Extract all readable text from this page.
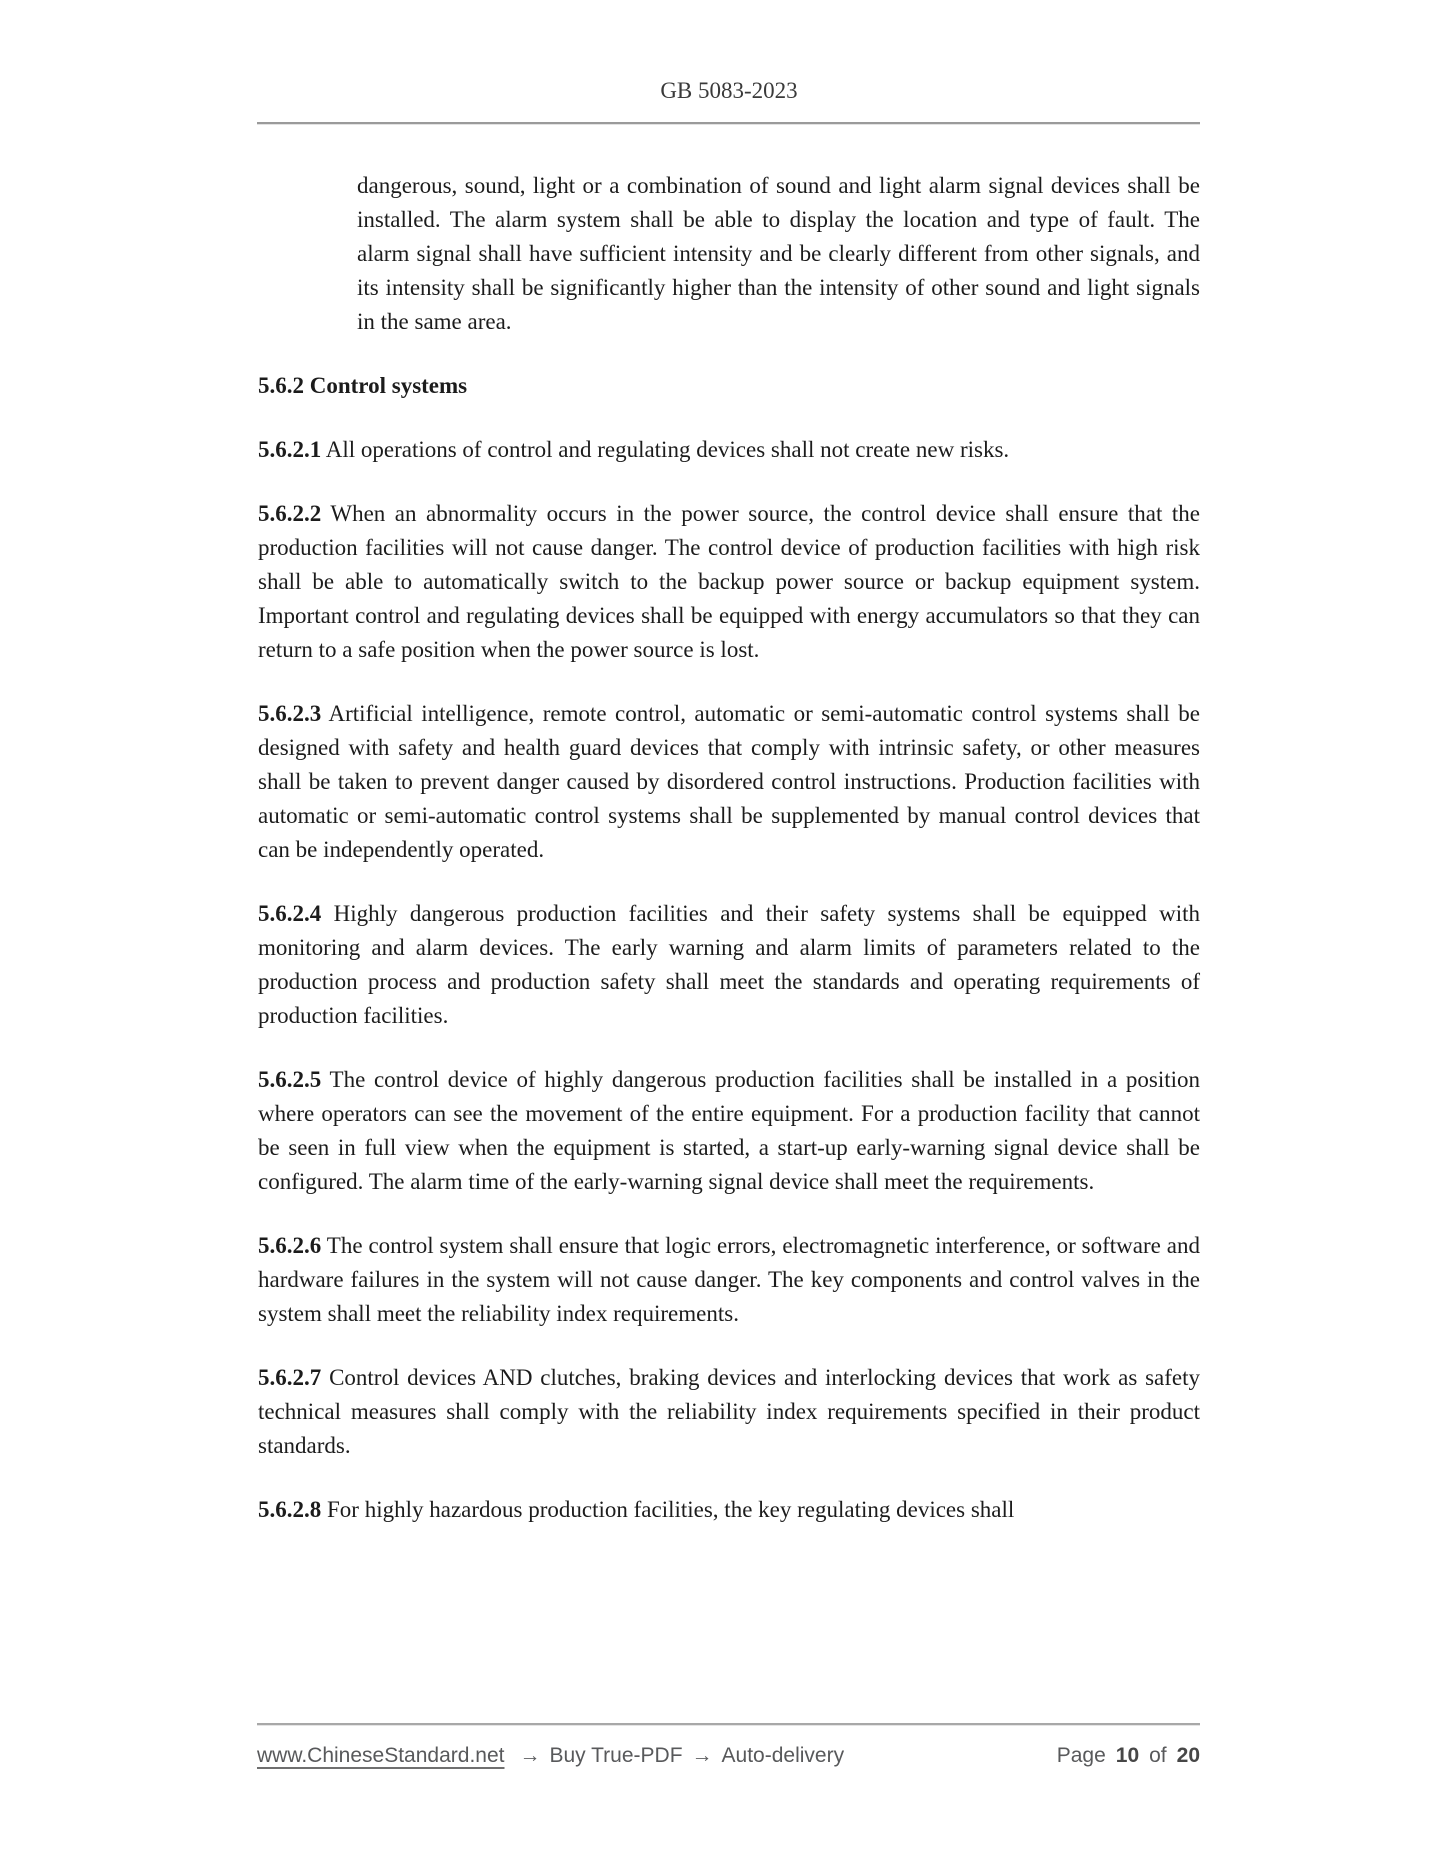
GB 5083-2023

dangerous, sound, light or a combination of sound and light alarm signal devices shall be installed. The alarm system shall be able to display the location and type of fault. The alarm signal shall have sufficient intensity and be clearly different from other signals, and its intensity shall be significantly higher than the intensity of other sound and light signals in the same area.

5.6.2 Control systems

5.6.2.1 All operations of control and regulating devices shall not create new risks.

5.6.2.2 When an abnormality occurs in the power source, the control device shall ensure that the production facilities will not cause danger. The control device of production facilities with high risk shall be able to automatically switch to the backup power source or backup equipment system. Important control and regulating devices shall be equipped with energy accumulators so that they can return to a safe position when the power source is lost.

5.6.2.3 Artificial intelligence, remote control, automatic or semi-automatic control systems shall be designed with safety and health guard devices that comply with intrinsic safety, or other measures shall be taken to prevent danger caused by disordered control instructions. Production facilities with automatic or semi-automatic control systems shall be supplemented by manual control devices that can be independently operated.

5.6.2.4 Highly dangerous production facilities and their safety systems shall be equipped with monitoring and alarm devices. The early warning and alarm limits of parameters related to the production process and production safety shall meet the standards and operating requirements of production facilities.

5.6.2.5 The control device of highly dangerous production facilities shall be installed in a position where operators can see the movement of the entire equipment. For a production facility that cannot be seen in full view when the equipment is started, a start-up early-warning signal device shall be configured. The alarm time of the early-warning signal device shall meet the requirements.

5.6.2.6 The control system shall ensure that logic errors, electromagnetic interference, or software and hardware failures in the system will not cause danger. The key components and control valves in the system shall meet the reliability index requirements.

5.6.2.7 Control devices AND clutches, braking devices and interlocking devices that work as safety technical measures shall comply with the reliability index requirements specified in their product standards.

5.6.2.8 For highly hazardous production facilities, the key regulating devices shall

www.ChineseStandard.net → Buy True-PDF → Auto-delivery	Page 10 of 20
